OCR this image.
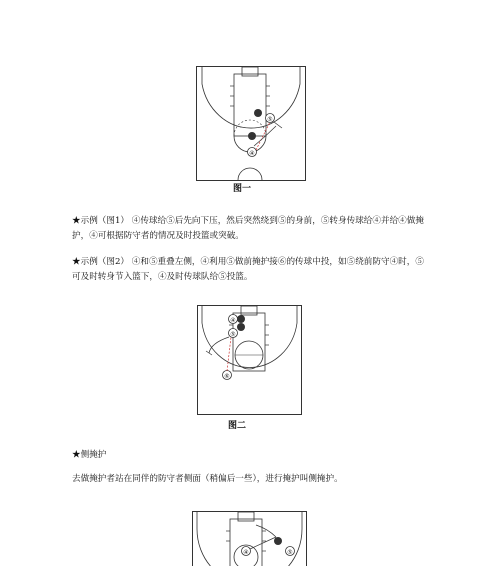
⑤
④
图一
★示例（图1） ④传球给⑤后先向下压，然后突然绕到⑤的身前，⑤转身传球给④并给④做掩
护，④可根据防守者的情况及时投篮或突破。
★示例（图2） ④和⑤重叠左侧，④利用⑤做前掩护接⑥的传球中投，如⑤绕前防守④时，⑤
可及时转身节入篮下，④及时传球队给⑤投篮。
④
⑤
⑥
图二
★侧掩护
去做掩护者站在同伴的防守者侧面（稍偏后一些），进行掩护叫侧掩护。
⑤
④
